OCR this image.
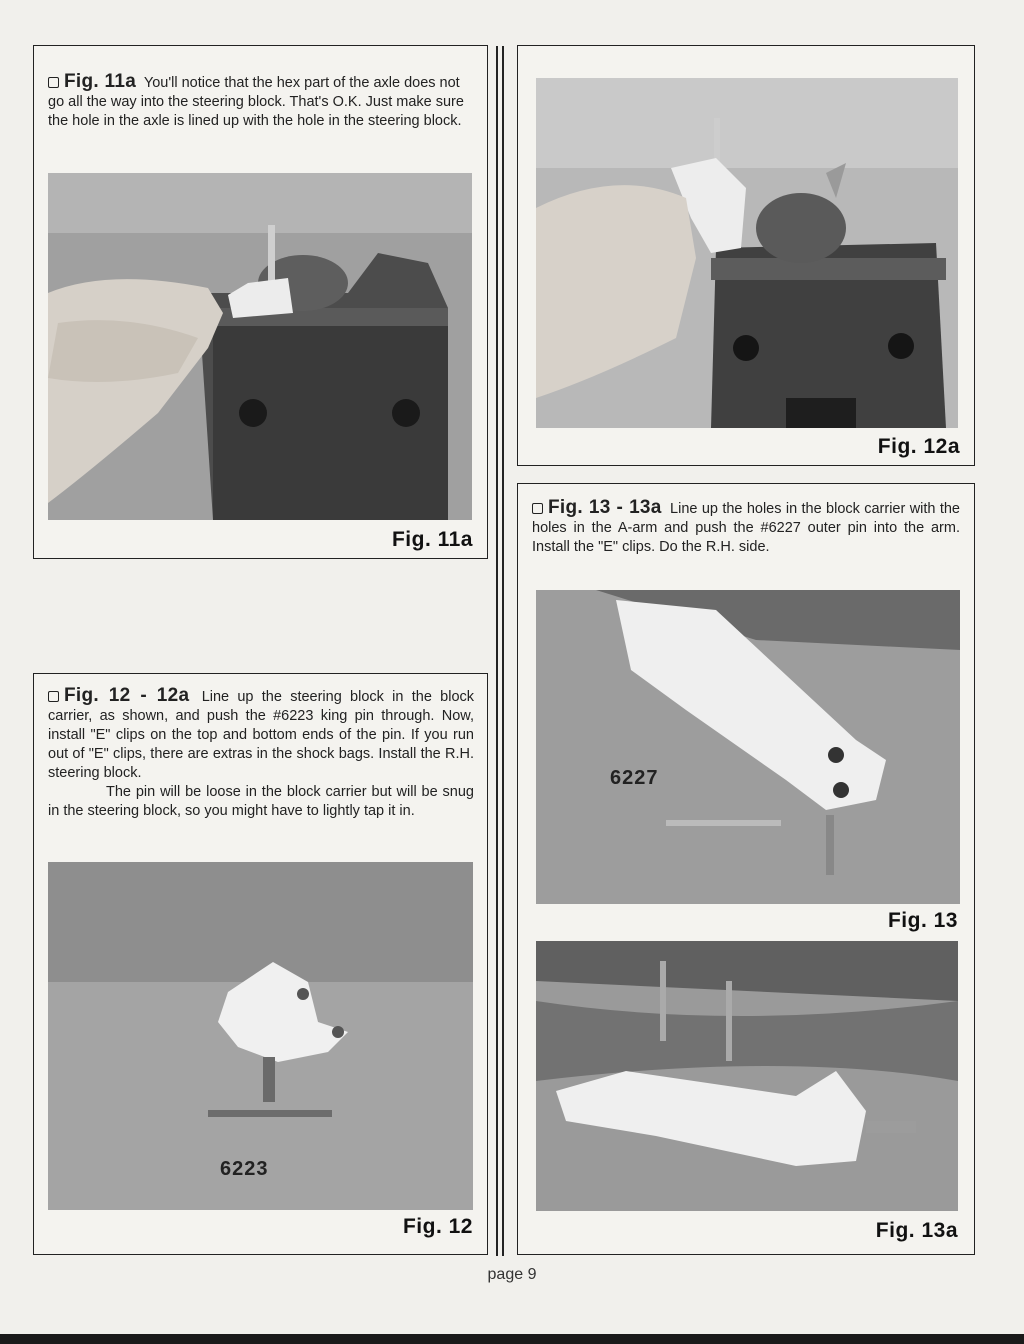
Fig. 11a You'll notice that the hex part of the axle does not go all the way into the steering block. That's O.K. Just make sure the hole in the axle is lined up with the hole in the steering block.
Fig. 11a
Fig. 12a
Fig. 13 - 13a Line up the holes in the block carrier with the holes in the A-arm and push the #6227 outer pin into the arm. Install the "E" clips. Do the R.H. side.
6227
Fig. 13
Fig. 13a
Fig. 12 - 12a Line up the steering block in the block carrier, as shown, and push the #6223 king pin through. Now, install "E" clips on the top and bottom ends of the pin. If you run out of "E" clips, there are extras in the shock bags. Install the R.H. steering block.
The pin will be loose in the block carrier but will be snug in the steering block, so you might have to lightly tap it in.
6223
Fig. 12
page 9
